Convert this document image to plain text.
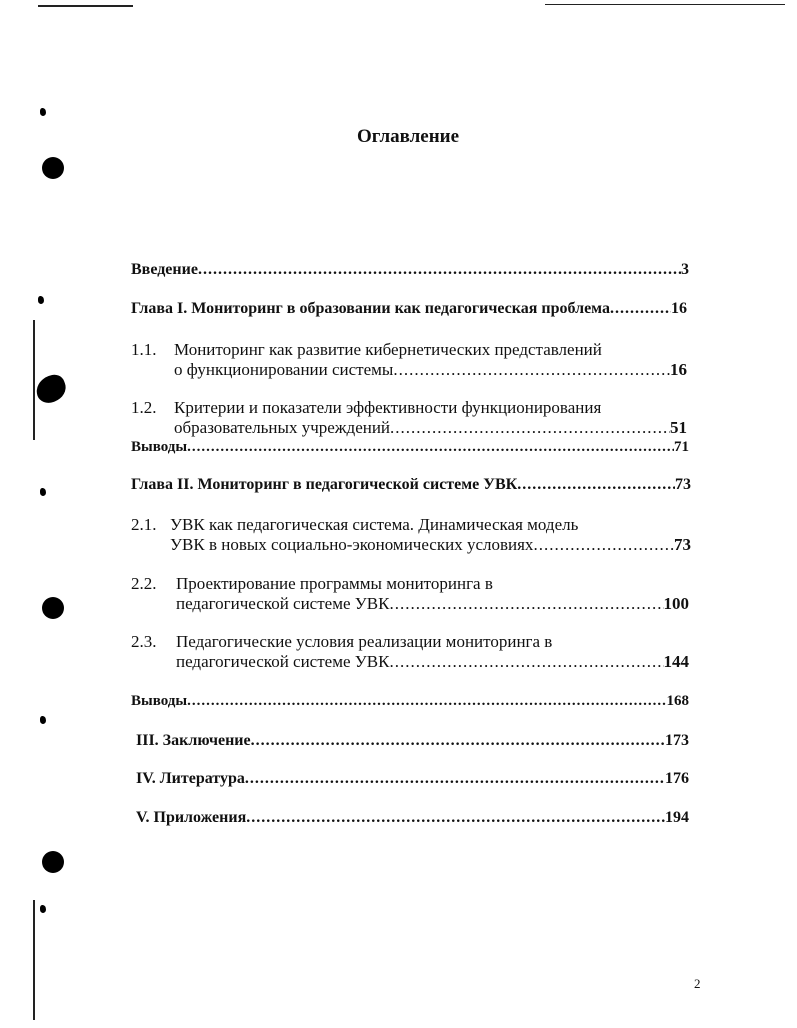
Оглавление
Введение .....	3
Глава I. Мониторинг в образовании как педагогическая проблема .....	16
1.1. Мониторинг как развитие кибернетических представлений
о функционировании системы .....	16
1.2. Критерии и показатели эффективности функционирования
образовательных учреждений .....	51
Выводы .....	71
Глава II. Мониторинг в педагогической системе УВК .....	73
2.1. УВК как педагогическая система. Динамическая модель
УВК в новых социально-экономических условиях .....	73
2.2. Проектирование программы мониторинга в
педагогической системе УВК .....	100
2.3. Педагогические условия реализации мониторинга в
педагогической системе УВК .....	144
Выводы .....	168
III. Заключение .....	173
IV. Литература .....	176
V. Приложения .....	194
2
